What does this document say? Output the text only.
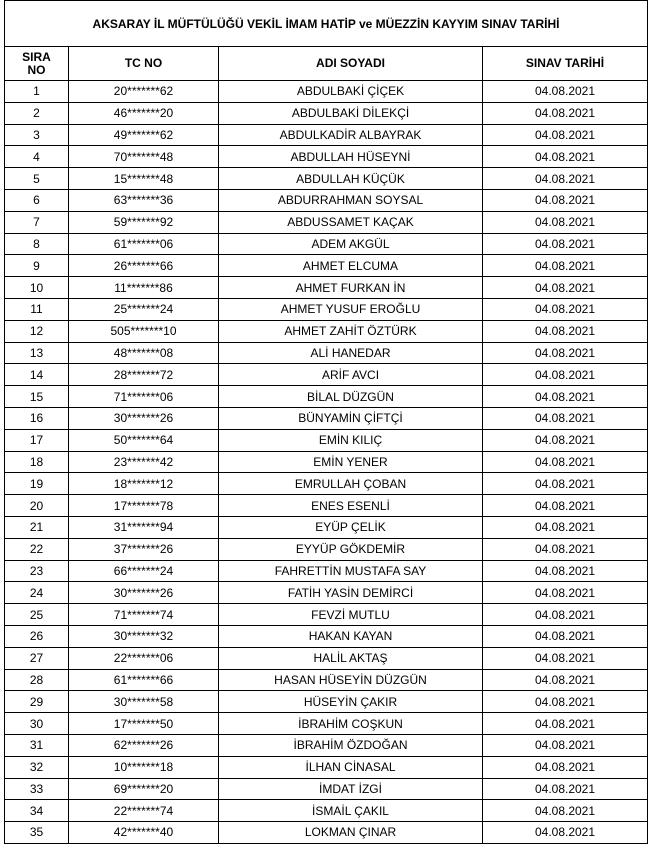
AKSARAY İL MÜFTÜLÜĞÜ VEKİL İMAM HATİP ve MÜEZZİN KAYYIM SINAV TARİHİ			
SIRA
NO	TC NO	ADI SOYADI	SINAV TARİHİ
1	20*******62	ABDULBAKİ ÇİÇEK	04.08.2021
2	46*******20	ABDULBAKİ DİLEKÇİ	04.08.2021
3	49*******62	ABDULKADİR ALBAYRAK	04.08.2021
4	70*******48	ABDULLAH HÜSEYNİ	04.08.2021
5	15*******48	ABDULLAH KÜÇÜK	04.08.2021
6	63*******36	ABDURRAHMAN SOYSAL	04.08.2021
7	59*******92	ABDUSSAMET KAÇAK	04.08.2021
8	61*******06	ADEM AKGÜL	04.08.2021
9	26*******66	AHMET ELCUMA	04.08.2021
10	11*******86	AHMET FURKAN İN	04.08.2021
11	25*******24	AHMET YUSUF EROĞLU	04.08.2021
12	505*******10	AHMET ZAHİT ÖZTÜRK	04.08.2021
13	48*******08	ALİ HANEDAR	04.08.2021
14	28*******72	ARİF AVCI	04.08.2021
15	71*******06	BİLAL DÜZGÜN	04.08.2021
16	30*******26	BÜNYAMİN ÇİFTÇİ	04.08.2021
17	50*******64	EMİN KILIÇ	04.08.2021
18	23*******42	EMİN YENER	04.08.2021
19	18*******12	EMRULLAH ÇOBAN	04.08.2021
20	17*******78	ENES ESENLİ	04.08.2021
21	31*******94	EYÜP ÇELİK	04.08.2021
22	37*******26	EYYÜP GÖKDEMİR	04.08.2021
23	66*******24	FAHRETTİN MUSTAFA SAY	04.08.2021
24	30*******26	FATİH YASİN DEMİRCİ	04.08.2021
25	71*******74	FEVZİ MUTLU	04.08.2021
26	30*******32	HAKAN KAYAN	04.08.2021
27	22*******06	HALİL AKTAŞ	04.08.2021
28	61*******66	HASAN HÜSEYİN DÜZGÜN	04.08.2021
29	30*******58	HÜSEYİN ÇAKIR	04.08.2021
30	17*******50	İBRAHİM COŞKUN	04.08.2021
31	62*******26	İBRAHİM ÖZDOĞAN	04.08.2021
32	10*******18	İLHAN CİNASAL	04.08.2021
33	69*******20	İMDAT İZGİ	04.08.2021
34	22*******74	İSMAİL ÇAKIL	04.08.2021
35	42*******40	LOKMAN ÇINAR	04.08.2021
